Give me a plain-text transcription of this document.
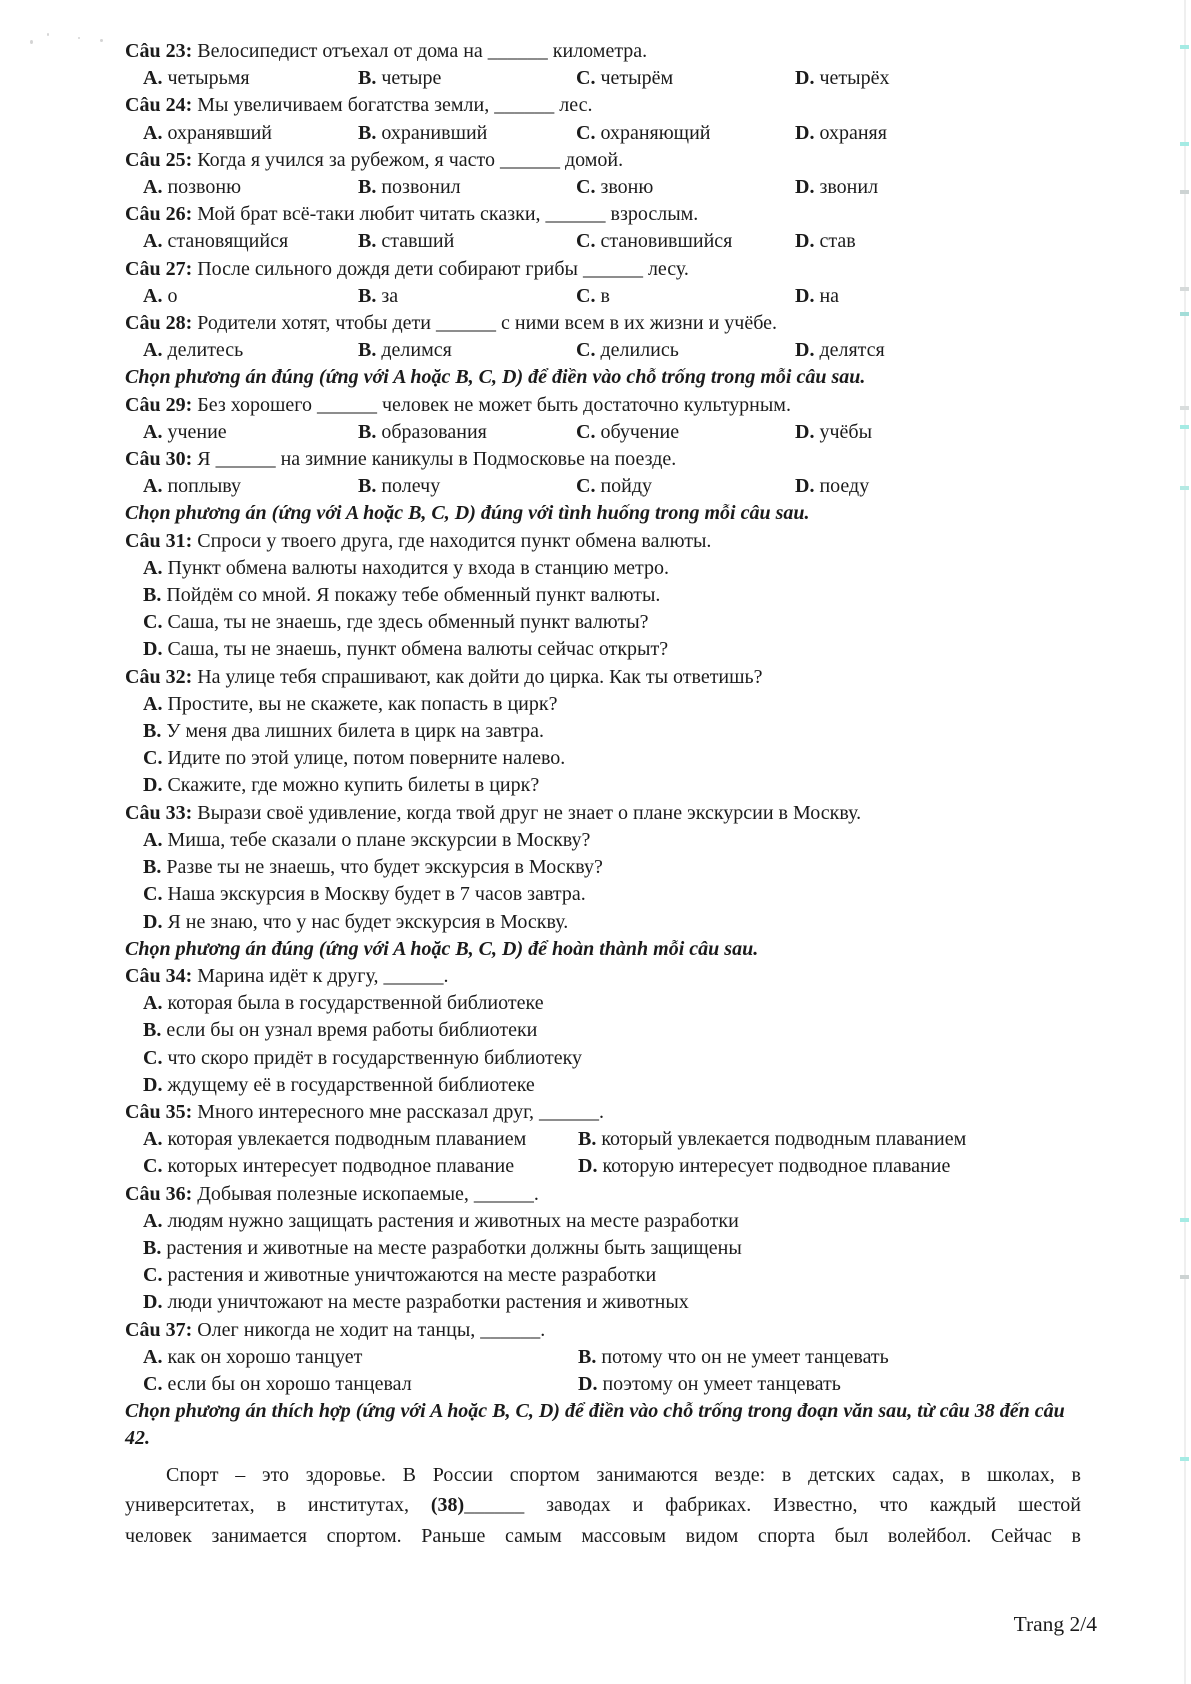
Câu 23: Велосипедист отъехал от дома на ______ километра.
A. четырьмя	B. четыре	C. четырём	D. четырёх
Câu 24: Мы увеличиваем богатства земли, ______ лес.
A. охранявший	B. охранивший	C. охраняющий	D. охраняя
Câu 25: Когда я учился за рубежом, я часто ______ домой.
A. позвоню	B. позвонил	C. звоню	D. звонил
Câu 26: Мой брат всё-таки любит читать сказки, ______ взрослым.
A. становящийся	B. ставший	C. становившийся	D. став
Câu 27: После сильного дождя дети собирают грибы ______ лесу.
A. о	B. за	C. в	D. на
Câu 28: Родители хотят, чтобы дети ______ с ними всем в их жизни и учёбе.
A. делитесь	B. делимся	C. делились	D. делятся
Chọn phương án đúng (ứng với A hoặc B, C, D) để điền vào chỗ trống trong mỗi câu sau.
Câu 29: Без хорошего ______ человек не может быть достаточно культурным.
A. учение	B. образования	C. обучение	D. учёбы
Câu 30: Я ______ на зимние каникулы в Подмосковье на поезде.
A. поплыву	B. полечу	C. пойду	D. поеду
Chọn phương án (ứng với A hoặc B, C, D) đúng với tình huống trong mỗi câu sau.
Câu 31: Спроси у твоего друга, где находится пункт обмена валюты.
A. Пункт обмена валюты находится у входа в станцию метро.
B. Пойдём со мной. Я покажу тебе обменный пункт валюты.
C. Саша, ты не знаешь, где здесь обменный пункт валюты?
D. Саша, ты не знаешь, пункт обмена валюты сейчас открыт?
Câu 32: На улице тебя спрашивают, как дойти до цирка. Как ты ответишь?
A. Простите, вы не скажете, как попасть в цирк?
B. У меня два лишних билета в цирк на завтра.
C. Идите по этой улице, потом поверните налево.
D. Скажите, где можно купить билеты в цирк?
Câu 33: Вырази своё удивление, когда твой друг не знает о плане экскурсии в Москву.
A. Миша, тебе сказали о плане экскурсии в Москву?
B. Разве ты не знаешь, что будет экскурсия в Москву?
C. Наша экскурсия в Москву будет в 7 часов завтра.
D. Я не знаю, что у нас будет экскурсия в Москву.
Chọn phương án đúng (ứng với A hoặc B, C, D) để hoàn thành mỗi câu sau.
Câu 34: Марина идёт к другу, ______.
A. которая была в государственной библиотеке
B. если бы он узнал время работы библиотеки
C. что скоро придёт в государственную библиотеку
D. ждущему её в государственной библиотеке
Câu 35: Много интересного мне рассказал друг, ______.
A. которая увлекается подводным плаванием	B. который увлекается подводным плаванием
C. которых интересует подводное плавание	D. которую интересует подводное плавание
Câu 36: Добывая полезные ископаемые, ______.
A. людям нужно защищать растения и животных на месте разработки
B. растения и животные на месте разработки должны быть защищены
C. растения и животные уничтожаются на месте разработки
D. люди уничтожают на месте разработки растения и животных
Câu 37: Олег никогда не ходит на танцы, ______.
A. как он хорошо танцует	B. потому что он не умеет танцевать
C. если бы он хорошо танцевал	D. поэтому он умеет танцевать
Chọn phương án thích hợp (ứng với A hoặc B, C, D) để điền vào chỗ trống trong đoạn văn sau, từ câu 38 đến câu 42.
Спорт – это здоровье. В России спортом занимаются везде: в детских садах, в школах, в
университетах, в институтах, (38)______ заводах и фабриках. Известно, что каждый шестой
человек занимается спортом. Раньше самым массовым видом спорта был волейбол. Сейчас в
Trang 2/4
